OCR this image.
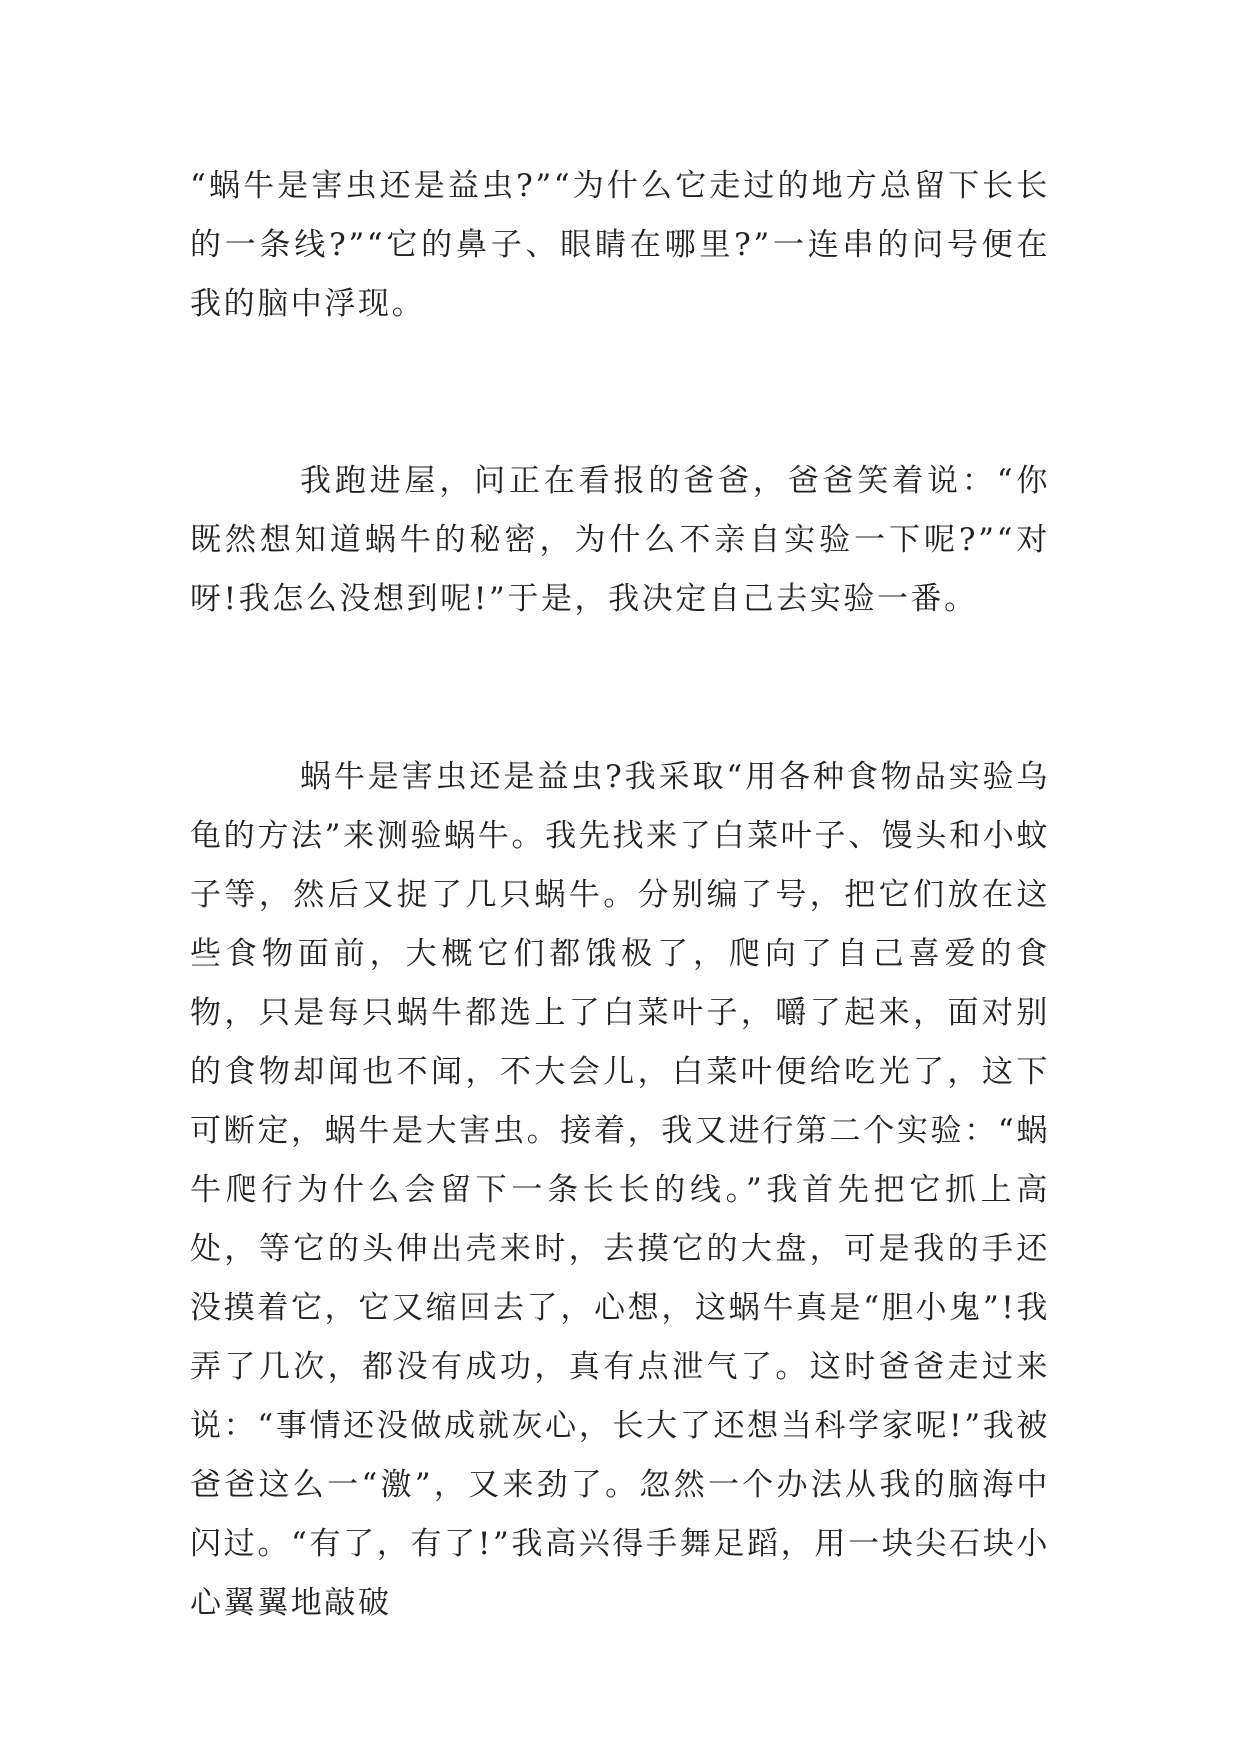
“蜗牛是害虫还是益虫?”“为什么它走过的地方总留下长长的一条线?”“它的鼻子、眼睛在哪里?”一连串的问号便在我的脑中浮现。

我跑进屋，问正在看报的爸爸，爸爸笑着说：“你既然想知道蜗牛的秘密，为什么不亲自实验一下呢?”“对呀!我怎么没想到呢!”于是，我决定自己去实验一番。

蜗牛是害虫还是益虫?我采取“用各种食物品实验乌龟的方法”来测验蜗牛。我先找来了白菜叶子、馒头和小蚊子等，然后又捉了几只蜗牛。分别编了号，把它们放在这些食物面前，大概它们都饿极了，爬向了自己喜爱的食物，只是每只蜗牛都选上了白菜叶子，嚼了起来，面对别的食物却闻也不闻，不大会儿，白菜叶便给吃光了，这下可断定，蜗牛是大害虫。接着，我又进行第二个实验：“蜗牛爬行为什么会留下一条长长的线。”我首先把它抓上高处，等它的头伸出壳来时，去摸它的大盘，可是我的手还没摸着它，它又缩回去了，心想，这蜗牛真是“胆小鬼”!我弄了几次，都没有成功，真有点泄气了。这时爸爸走过来说：“事情还没做成就灰心，长大了还想当科学家呢!”我被爸爸这么一“激”，又来劲了。忽然一个办法从我的脑海中闪过。“有了，有了!”我高兴得手舞足蹈，用一块尖石块小心翼翼地敲破
